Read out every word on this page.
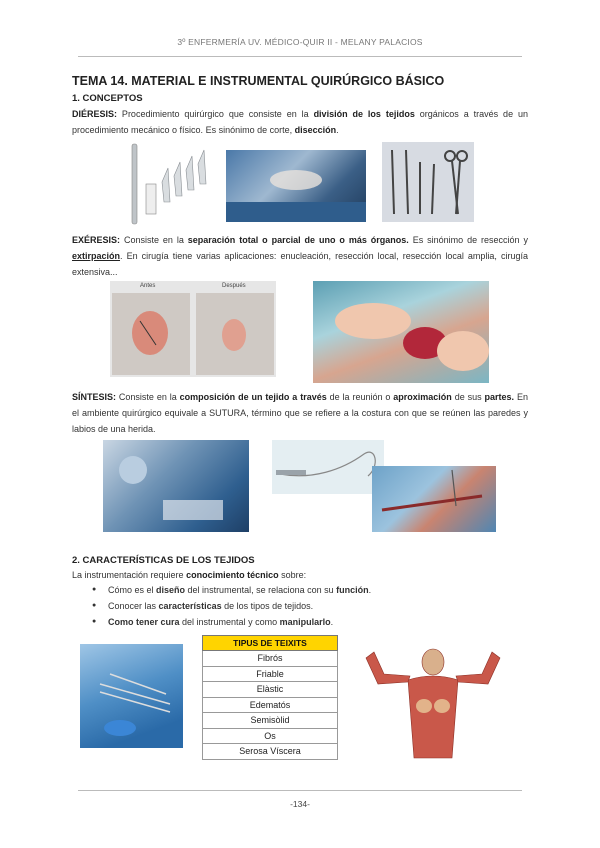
3º ENFERMERÍA UV. MÉDICO-QUIR II - MELANY PALACIOS
TEMA 14. MATERIAL E INSTRUMENTAL QUIRÚRGICO BÁSICO
1. CONCEPTOS
DIÉRESIS: Procedimiento quirúrgico que consiste en la división de los tejidos orgánicos a través de un procedimiento mecánico o físico. Es sinónimo de corte, disección.
EXÉRESIS: Consiste en la separación total o parcial de uno o más órganos. Es sinónimo de resección y extirpación. En cirugía tiene varias aplicaciones: enucleación, resección local, resección local amplia, cirugía extensiva...
Antes	Después
SÍNTESIS: Consiste en la composición de un tejido a través de la reunión o aproximación de sus partes. En el ambiente quirúrgico equivale a SUTURA, término que se refiere a la costura con que se reúnen las paredes y labios de una herida.
2. CARACTERÍSTICAS DE LOS TEJIDOS
La instrumentación requiere conocimiento técnico sobre:
● Cómo es el diseño del instrumental, se relaciona con su función.
● Conocer las características de los tipos de tejidos.
● Como tener cura del instrumental y como manipularlo.
TIPUS DE TEIXITS
Fibrós
Friable
Elàstic
Edematós
Semisòlid
Os
Serosa Víscera
-134-
